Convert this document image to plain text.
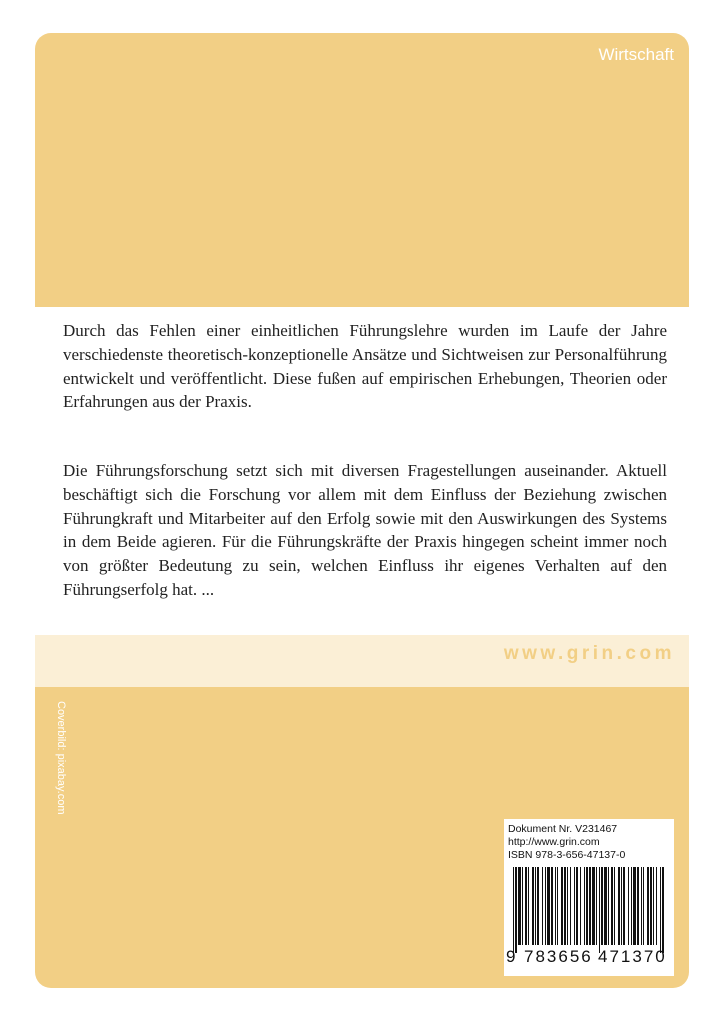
Wirtschaft

Durch das Fehlen einer einheitlichen Führungslehre wurden im Laufe der Jahre verschiedenste theoretisch-konzeptionelle Ansätze und Sichtweisen zur Personalführung entwickelt und veröffentlicht. Diese fußen auf empirischen Erhebungen, Theorien oder Erfahrungen aus der Praxis.

Die Führungsforschung setzt sich mit diversen Fragestellungen auseinander. Aktuell beschäftigt sich die Forschung vor allem mit dem Einfluss der Beziehung zwischen Führungkraft und Mitarbeiter auf den Erfolg sowie mit den Auswirkungen des Systems in dem Beide agieren. Für die Führungskräfte der Praxis hingegen scheint immer noch von größter Bedeutung zu sein, welchen Einfluss ihr eigenes Verhalten auf den Führungserfolg hat. ...

www.grin.com
Coverbild: pixabay.com
Dokument Nr. V231467
http://www.grin.com
ISBN 978-3-656-47137-0
9 783656 471370
